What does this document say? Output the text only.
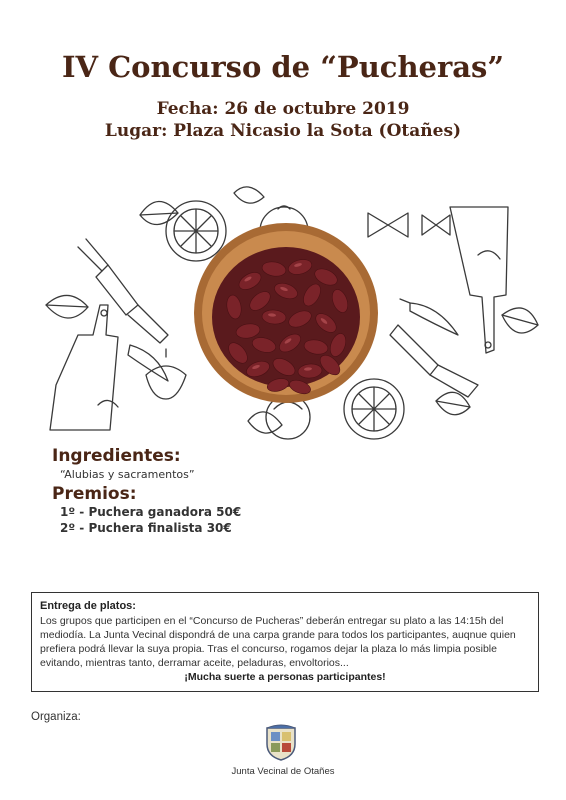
IV Concurso de “Pucheras”
Fecha: 26 de octubre 2019
Lugar: Plaza Nicasio la Sota (Otañes)
Ingredientes:
“Alubias y sacramentos”
Premios:
1º - Puchera ganadora 50€
2º - Puchera finalista 30€
Entrega de platos:
Los grupos que participen en el “Concurso de Pucheras” deberán entregar su plato a las 14:15h del mediodía. La Junta Vecinal dispondrá de una carpa grande para todos los participantes, auqnue quien prefiera podrá llevar la suya propia. Tras el concurso, rogamos dejar la plaza lo más limpia posible evitando, mientras tanto, derramar aceite, peladuras, envoltorios...
¡Mucha suerte a personas participantes!
Organiza:
Junta Vecinal de Otañes
